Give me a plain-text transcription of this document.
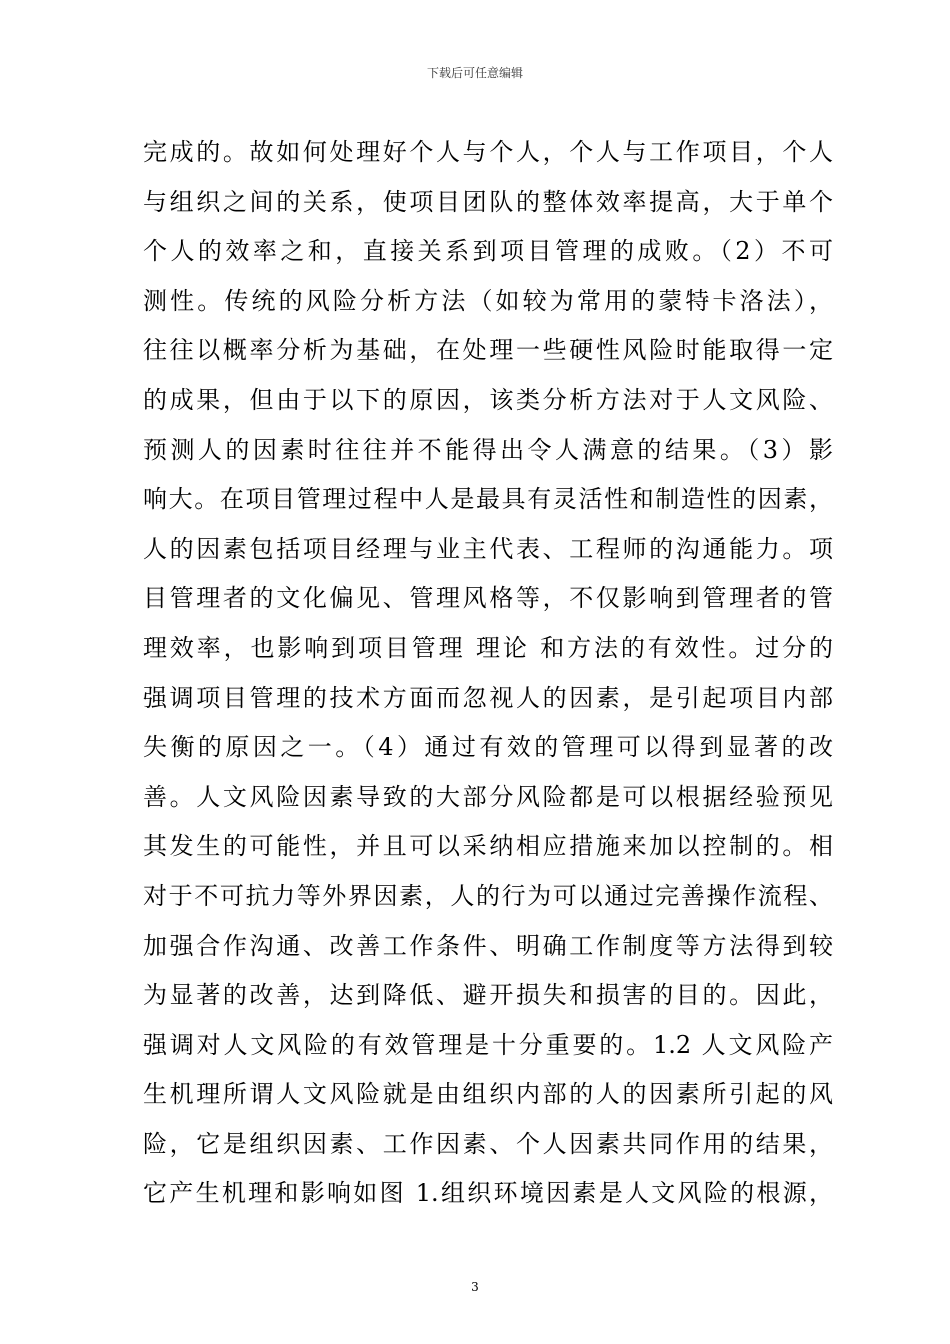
下载后可任意编辑
完成的。故如何处理好个人与个人，个人与工作项目，个人
与组织之间的关系，使项目团队的整体效率提高，大于单个
个人的效率之和，直接关系到项目管理的成败。（2）不可
测性。传统的风险分析方法（如较为常用的蒙特卡洛法），
往往以概率分析为基础，在处理一些硬性风险时能取得一定
的成果，但由于以下的原因，该类分析方法对于人文风险、
预测人的因素时往往并不能得出令人满意的结果。（3）影
响大。在项目管理过程中人是最具有灵活性和制造性的因素，
人的因素包括项目经理与业主代表、工程师的沟通能力。项
目管理者的文化偏见、管理风格等，不仅影响到管理者的管
理效率，也影响到项目管理 理论 和方法的有效性。过分的
强调项目管理的技术方面而忽视人的因素，是引起项目内部
失衡的原因之一。（4）通过有效的管理可以得到显著的改
善。人文风险因素导致的大部分风险都是可以根据经验预见
其发生的可能性，并且可以采纳相应措施来加以控制的。相
对于不可抗力等外界因素，人的行为可以通过完善操作流程、
加强合作沟通、改善工作条件、明确工作制度等方法得到较
为显著的改善，达到降低、避开损失和损害的目的。因此，
强调对人文风险的有效管理是十分重要的。1.2 人文风险产
生机理所谓人文风险就是由组织内部的人的因素所引起的风
险，它是组织因素、工作因素、个人因素共同作用的结果，
它产生机理和影响如图 1.组织环境因素是人文风险的根源，
3
